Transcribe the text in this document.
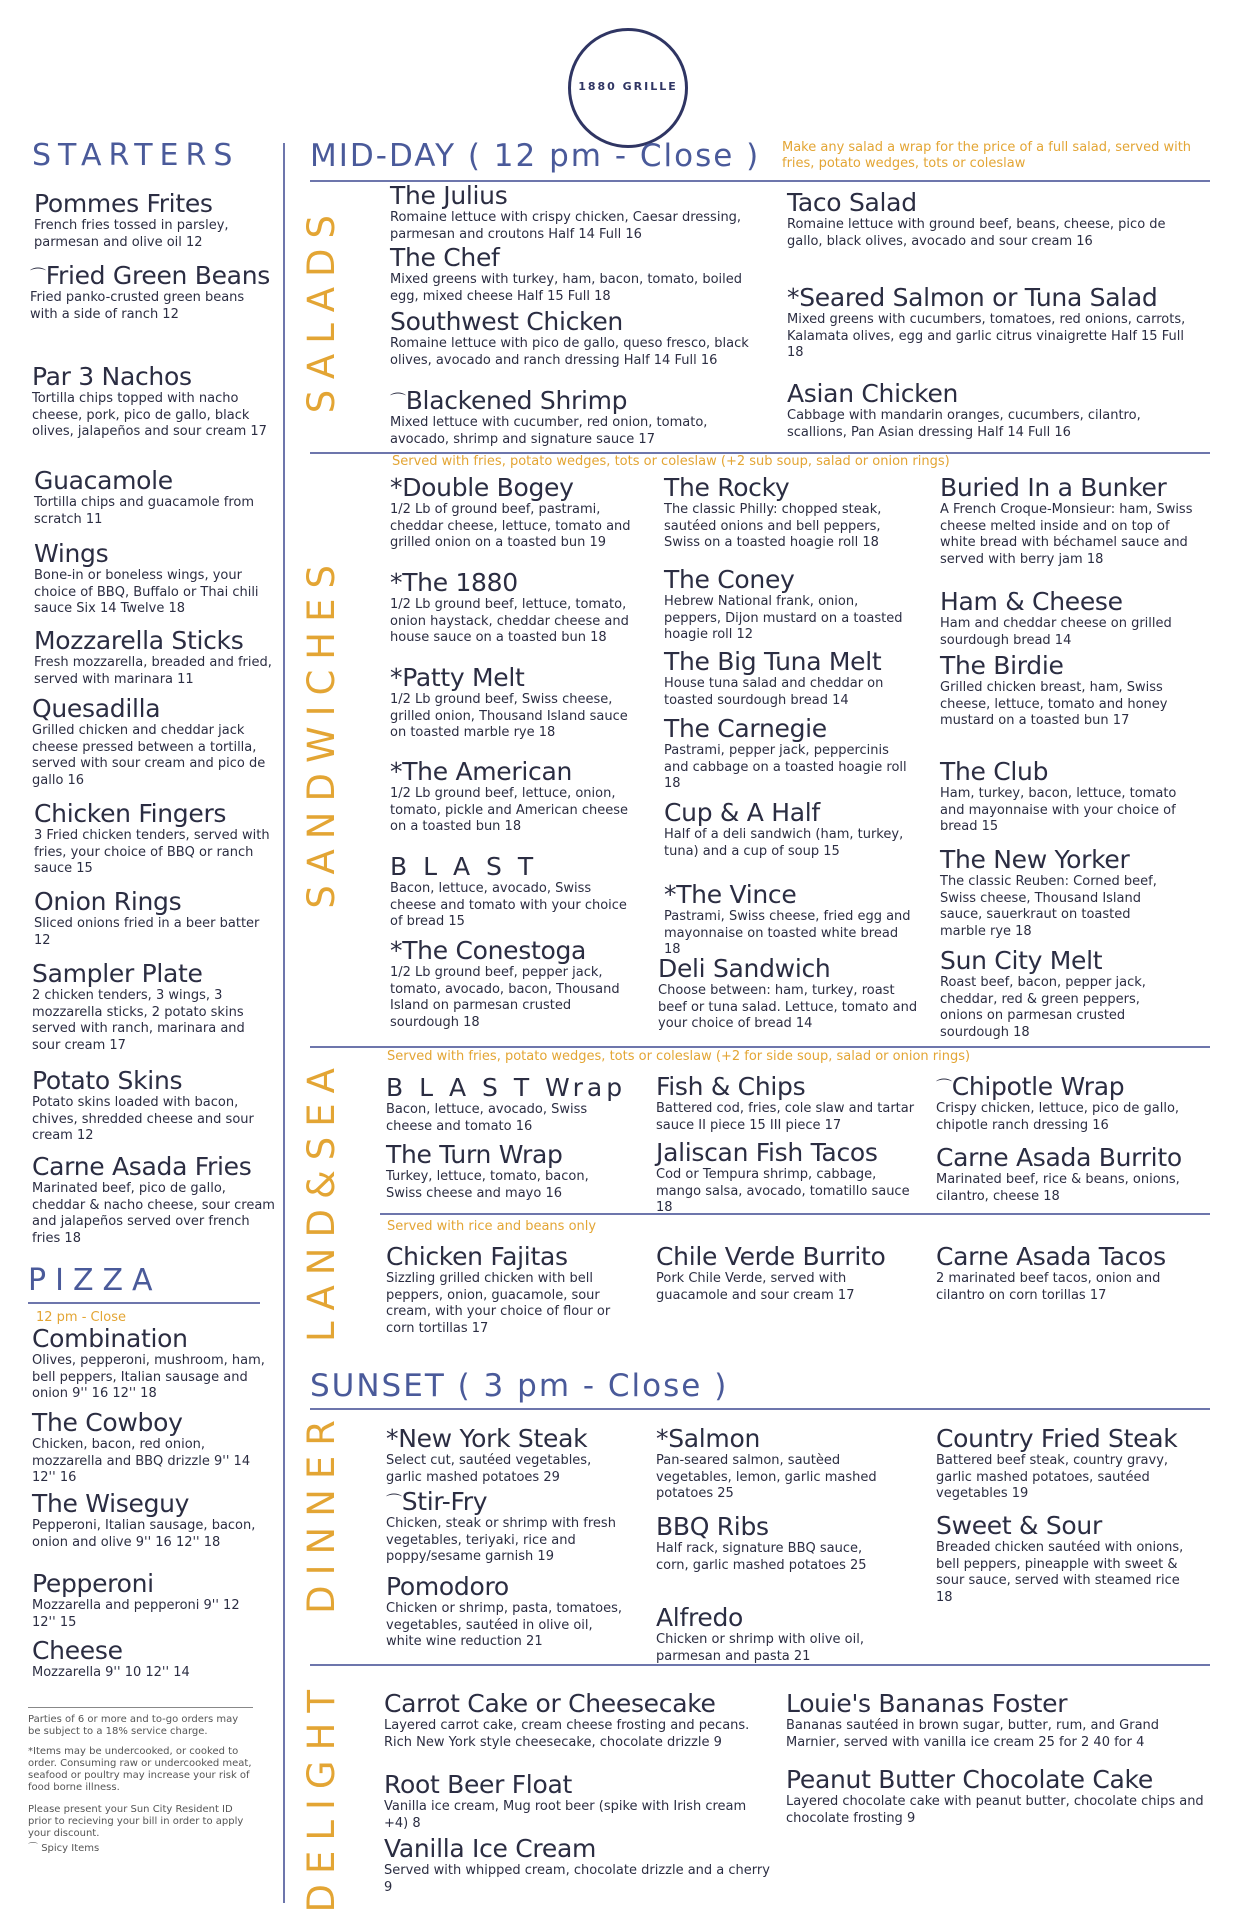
1880 GRILLE
STARTERS
Pommes Frites
French fries tossed in parsley, parmesan and olive oil 12
⌒Fried Green Beans
Fried panko-crusted green beans with a side of ranch 12
Par 3 Nachos
Tortilla chips topped with nacho cheese, pork, pico de gallo, black olives, jalapeños and sour cream 17
Guacamole
Tortilla chips and guacamole from scratch 11
Wings
Bone-in or boneless wings, your choice of BBQ, Buffalo or Thai chili sauce Six 14 Twelve 18
Mozzarella Sticks
Fresh mozzarella, breaded and fried, served with marinara 11
Quesadilla
Grilled chicken and cheddar jack cheese pressed between a tortilla, served with sour cream and pico de gallo 16
Chicken Fingers
3 Fried chicken tenders, served with fries, your choice of BBQ or ranch sauce 15
Onion Rings
Sliced onions fried in a beer batter 12
Sampler Plate
2 chicken tenders, 3 wings, 3 mozzarella sticks, 2 potato skins served with ranch, marinara and sour cream 17
Potato Skins
Potato skins loaded with bacon, chives, shredded cheese and sour cream 12
Carne Asada Fries
Marinated beef, pico de gallo, cheddar & nacho cheese, sour cream and jalapeños served over french fries 18
PIZZA
12 pm - Close
Combination
Olives, pepperoni, mushroom, ham, bell peppers, Italian sausage and onion 9'' 16 12'' 18
The Cowboy
Chicken, bacon, red onion, mozzarella and BBQ drizzle 9'' 14 12'' 16
The Wiseguy
Pepperoni, Italian sausage, bacon, onion and olive 9'' 16 12'' 18
Pepperoni
Mozzarella and pepperoni 9'' 12 12'' 15
Cheese
Mozzarella 9'' 10 12'' 14
Parties of 6 or more and to-go orders may be subject to a 18% service charge.
*Items may be undercooked, or cooked to order. Consuming raw or undercooked meat, seafood or poultry may increase your risk of food borne illness.
Please present your Sun City Resident ID prior to recieving your bill in order to apply your discount.
⌒ Spicy Items
MID-DAY ( 12 pm - Close ) Make any salad a wrap for the price of a full salad, served with fries, potato wedges, tots or coleslaw
SALADS
The Julius
Romaine lettuce with crispy chicken, Caesar dressing, parmesan and croutons Half 14 Full 16
The Chef
Mixed greens with turkey, ham, bacon, tomato, boiled egg, mixed cheese Half 15 Full 18
Southwest Chicken
Romaine lettuce with pico de gallo, queso fresco, black olives, avocado and ranch dressing Half 14 Full 16
⌒Blackened Shrimp
Mixed lettuce with cucumber, red onion, tomato, avocado, shrimp and signature sauce 17
Taco Salad
Romaine lettuce with ground beef, beans, cheese, pico de gallo, black olives, avocado and sour cream 16
*Seared Salmon or Tuna Salad
Mixed greens with cucumbers, tomatoes, red onions, carrots, Kalamata olives, egg and garlic citrus vinaigrette Half 15 Full 18
Asian Chicken
Cabbage with mandarin oranges, cucumbers, cilantro, scallions, Pan Asian dressing Half 14 Full 16
Served with fries, potato wedges, tots or coleslaw (+2 sub soup, salad or onion rings)
SANDWICHES
*Double Bogey
1/2 Lb of ground beef, pastrami, cheddar cheese, lettuce, tomato and grilled onion on a toasted bun 19
*The 1880
1/2 Lb ground beef, lettuce, tomato, onion haystack, cheddar cheese and house sauce on a toasted bun 18
*Patty Melt
1/2 Lb ground beef, Swiss cheese, grilled onion, Thousand Island sauce on toasted marble rye 18
*The American
1/2 Lb ground beef, lettuce, onion, tomato, pickle and American cheese on a toasted bun 18
B L A S T
Bacon, lettuce, avocado, Swiss cheese and tomato with your choice of bread 15
*The Conestoga
1/2 Lb ground beef, pepper jack, tomato, avocado, bacon, Thousand Island on parmesan crusted sourdough 18
The Rocky
The classic Philly: chopped steak, sautéed onions and bell peppers, Swiss on a toasted hoagie roll 18
The Coney
Hebrew National frank, onion, peppers, Dijon mustard on a toasted hoagie roll 12
The Big Tuna Melt
House tuna salad and cheddar on toasted sourdough bread 14
The Carnegie
Pastrami, pepper jack, peppercinis and cabbage on a toasted hoagie roll 18
Cup & A Half
Half of a deli sandwich (ham, turkey, tuna) and a cup of soup 15
*The Vince
Pastrami, Swiss cheese, fried egg and mayonnaise on toasted white bread 18
Deli Sandwich
Choose between: ham, turkey, roast beef or tuna salad. Lettuce, tomato and your choice of bread 14
Buried In a Bunker
A French Croque-Monsieur: ham, Swiss cheese melted inside and on top of white bread with béchamel sauce and served with berry jam 18
Ham & Cheese
Ham and cheddar cheese on grilled sourdough bread 14
The Birdie
Grilled chicken breast, ham, Swiss cheese, lettuce, tomato and honey mustard on a toasted bun 17
The Club
Ham, turkey, bacon, lettuce, tomato and mayonnaise with your choice of bread 15
The New Yorker
The classic Reuben: Corned beef, Swiss cheese, Thousand Island sauce, sauerkraut on toasted marble rye 18
Sun City Melt
Roast beef, bacon, pepper jack, cheddar, red & green peppers, onions on parmesan crusted sourdough 18
Served with fries, potato wedges, tots or coleslaw (+2 for side soup, salad or onion rings)
LAND&SEA	Served with rice and beans only
B L A S T Wrap
Bacon, lettuce, avocado, Swiss cheese and tomato 16
The Turn Wrap
Turkey, lettuce, tomato, bacon, Swiss cheese and mayo 16
Fish & Chips
Battered cod, fries, cole slaw and tartar sauce II piece 15 III piece 17
Jaliscan Fish Tacos
Cod or Tempura shrimp, cabbage, mango salsa, avocado, tomatillo sauce 18
⌒Chipotle Wrap
Crispy chicken, lettuce, pico de gallo, chipotle ranch dressing 16
Carne Asada Burrito
Marinated beef, rice & beans, onions, cilantro, cheese 18
Chicken Fajitas
Sizzling grilled chicken with bell peppers, onion, guacamole, sour cream, with your choice of flour or corn tortillas 17
Chile Verde Burrito
Pork Chile Verde, served with guacamole and sour cream 17
Carne Asada Tacos
2 marinated beef tacos, onion and cilantro on corn torillas 17
SUNSET ( 3 pm - Close )
DINNER *New York Steak
Select cut, sautéed vegetables, garlic mashed potatoes 29
⌒Stir-Fry
Chicken, steak or shrimp with fresh vegetables, teriyaki, rice and poppy/sesame garnish 19
Pomodoro
Chicken or shrimp, pasta, tomatoes, vegetables, sautéed in olive oil, white wine reduction 21
*Salmon
Pan-seared salmon, sautèed vegetables, lemon, garlic mashed potatoes 25
BBQ Ribs
Half rack, signature BBQ sauce, corn, garlic mashed potatoes 25
Alfredo
Chicken or shrimp with olive oil, parmesan and pasta 21
Country Fried Steak
Battered beef steak, country gravy, garlic mashed potatoes, sautéed vegetables 19
Sweet & Sour
Breaded chicken sautéed with onions, bell peppers, pineapple with sweet & sour sauce, served with steamed rice 18
DELIGHT Carrot Cake or Cheesecake
Layered carrot cake, cream cheese frosting and pecans. Rich New York style cheesecake, chocolate drizzle 9
Root Beer Float
Vanilla ice cream, Mug root beer (spike with Irish cream +4) 8
Vanilla Ice Cream
Served with whipped cream, chocolate drizzle and a cherry 9
Louie's Bananas Foster
Bananas sautéed in brown sugar, butter, rum, and Grand Marnier, served with vanilla ice cream 25 for 2 40 for 4
Peanut Butter Chocolate Cake
Layered chocolate cake with peanut butter, chocolate chips and chocolate frosting 9
